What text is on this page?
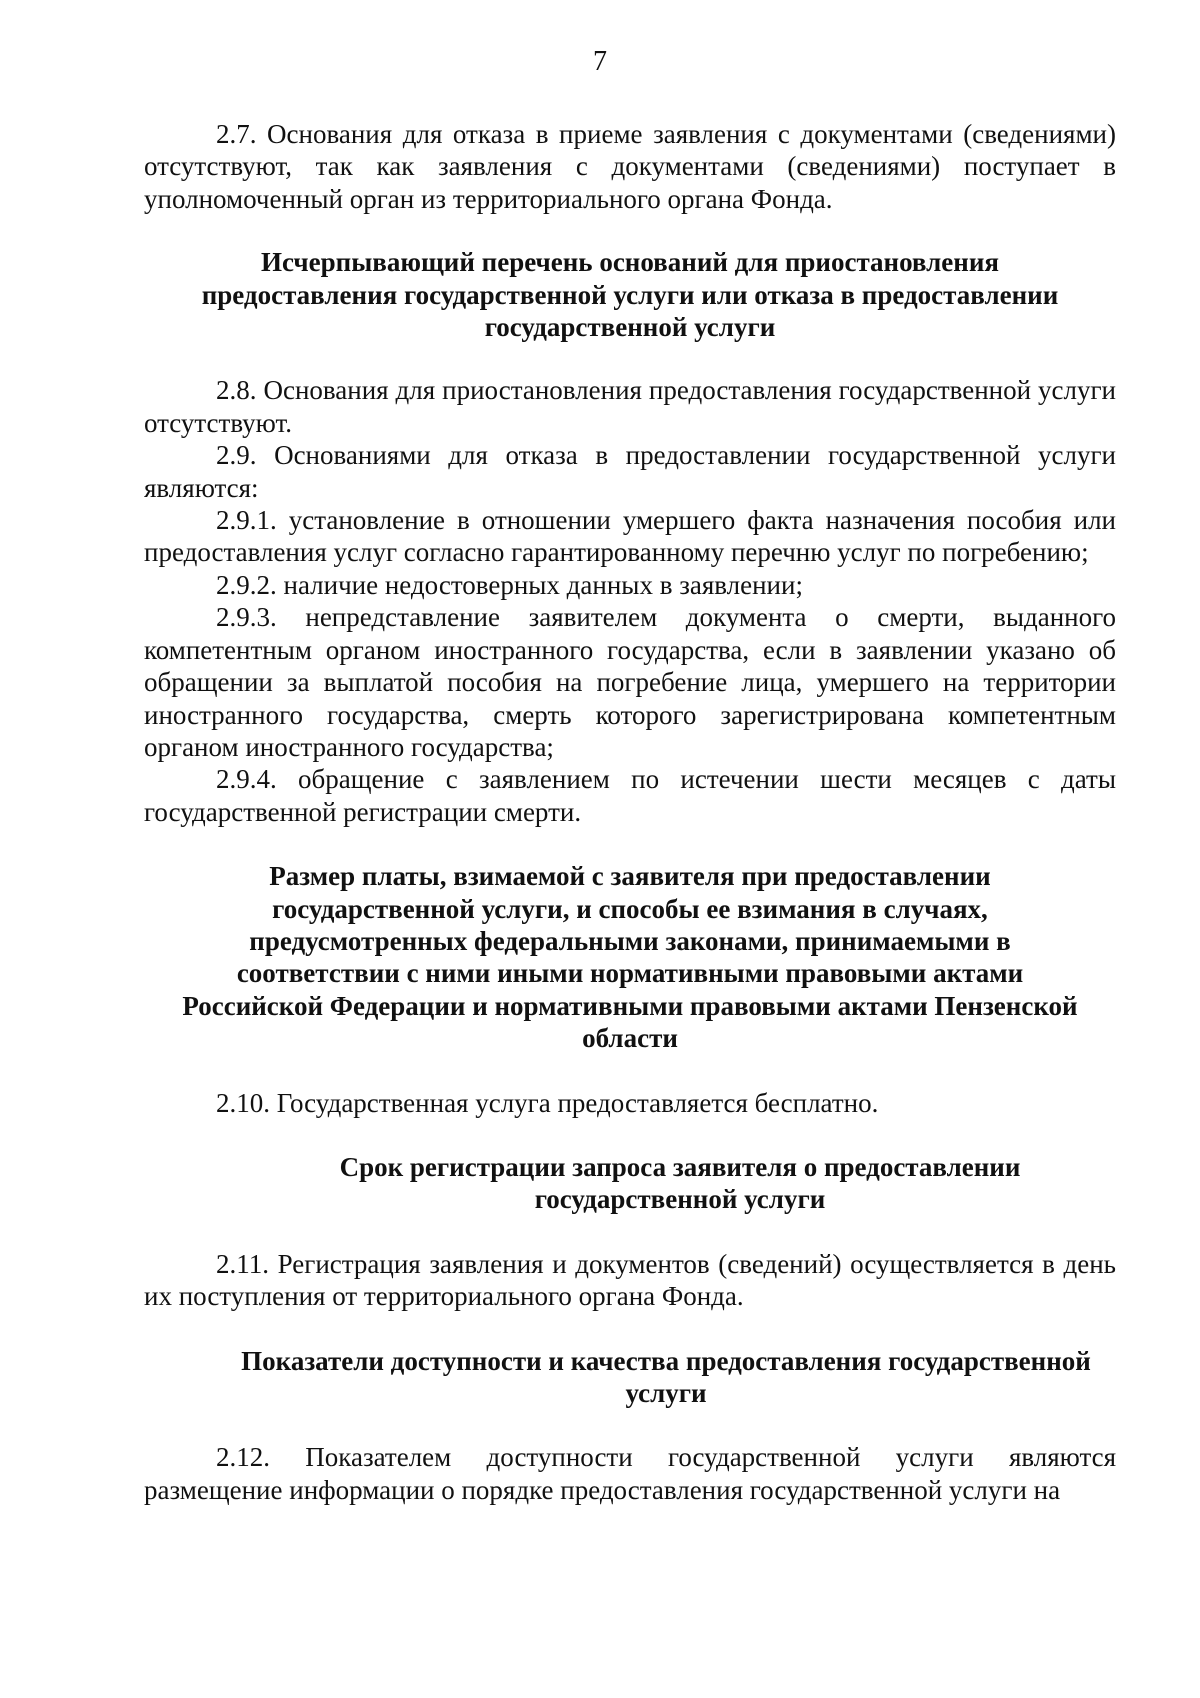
7

2.7. Основания для отказа в приеме заявления с документами (сведениями) отсутствуют, так как заявления с документами (сведениями) поступает в уполномоченный орган из территориального органа Фонда.

Исчерпывающий перечень оснований для приостановления предоставления государственной услуги или отказа в предоставлении государственной услуги

2.8. Основания для приостановления предоставления государственной услуги отсутствуют.

2.9. Основаниями для отказа в предоставлении государственной услуги являются:

2.9.1. установление в отношении умершего факта назначения пособия или предоставления услуг согласно гарантированному перечню услуг по погребению;

2.9.2. наличие недостоверных данных в заявлении;

2.9.3. непредставление заявителем документа о смерти, выданного компетентным органом иностранного государства, если в заявлении указано об обращении за выплатой пособия на погребение лица, умершего на территории иностранного государства, смерть которого зарегистрирована компетентным органом иностранного государства;

2.9.4. обращение с заявлением по истечении шести месяцев с даты государственной регистрации смерти.

Размер платы, взимаемой с заявителя при предоставлении государственной услуги, и способы ее взимания в случаях, предусмотренных федеральными законами, принимаемыми в соответствии с ними иными нормативными правовыми актами Российской Федерации и нормативными правовыми актами Пензенской области

2.10. Государственная услуга предоставляется бесплатно.

Срок регистрации запроса заявителя о предоставлении государственной услуги

2.11. Регистрация заявления и документов (сведений) осуществляется в день их поступления от территориального органа Фонда.

Показатели доступности и качества предоставления государственной услуги

2.12. Показателем доступности государственной услуги являются размещение информации о порядке предоставления государственной услуги на
